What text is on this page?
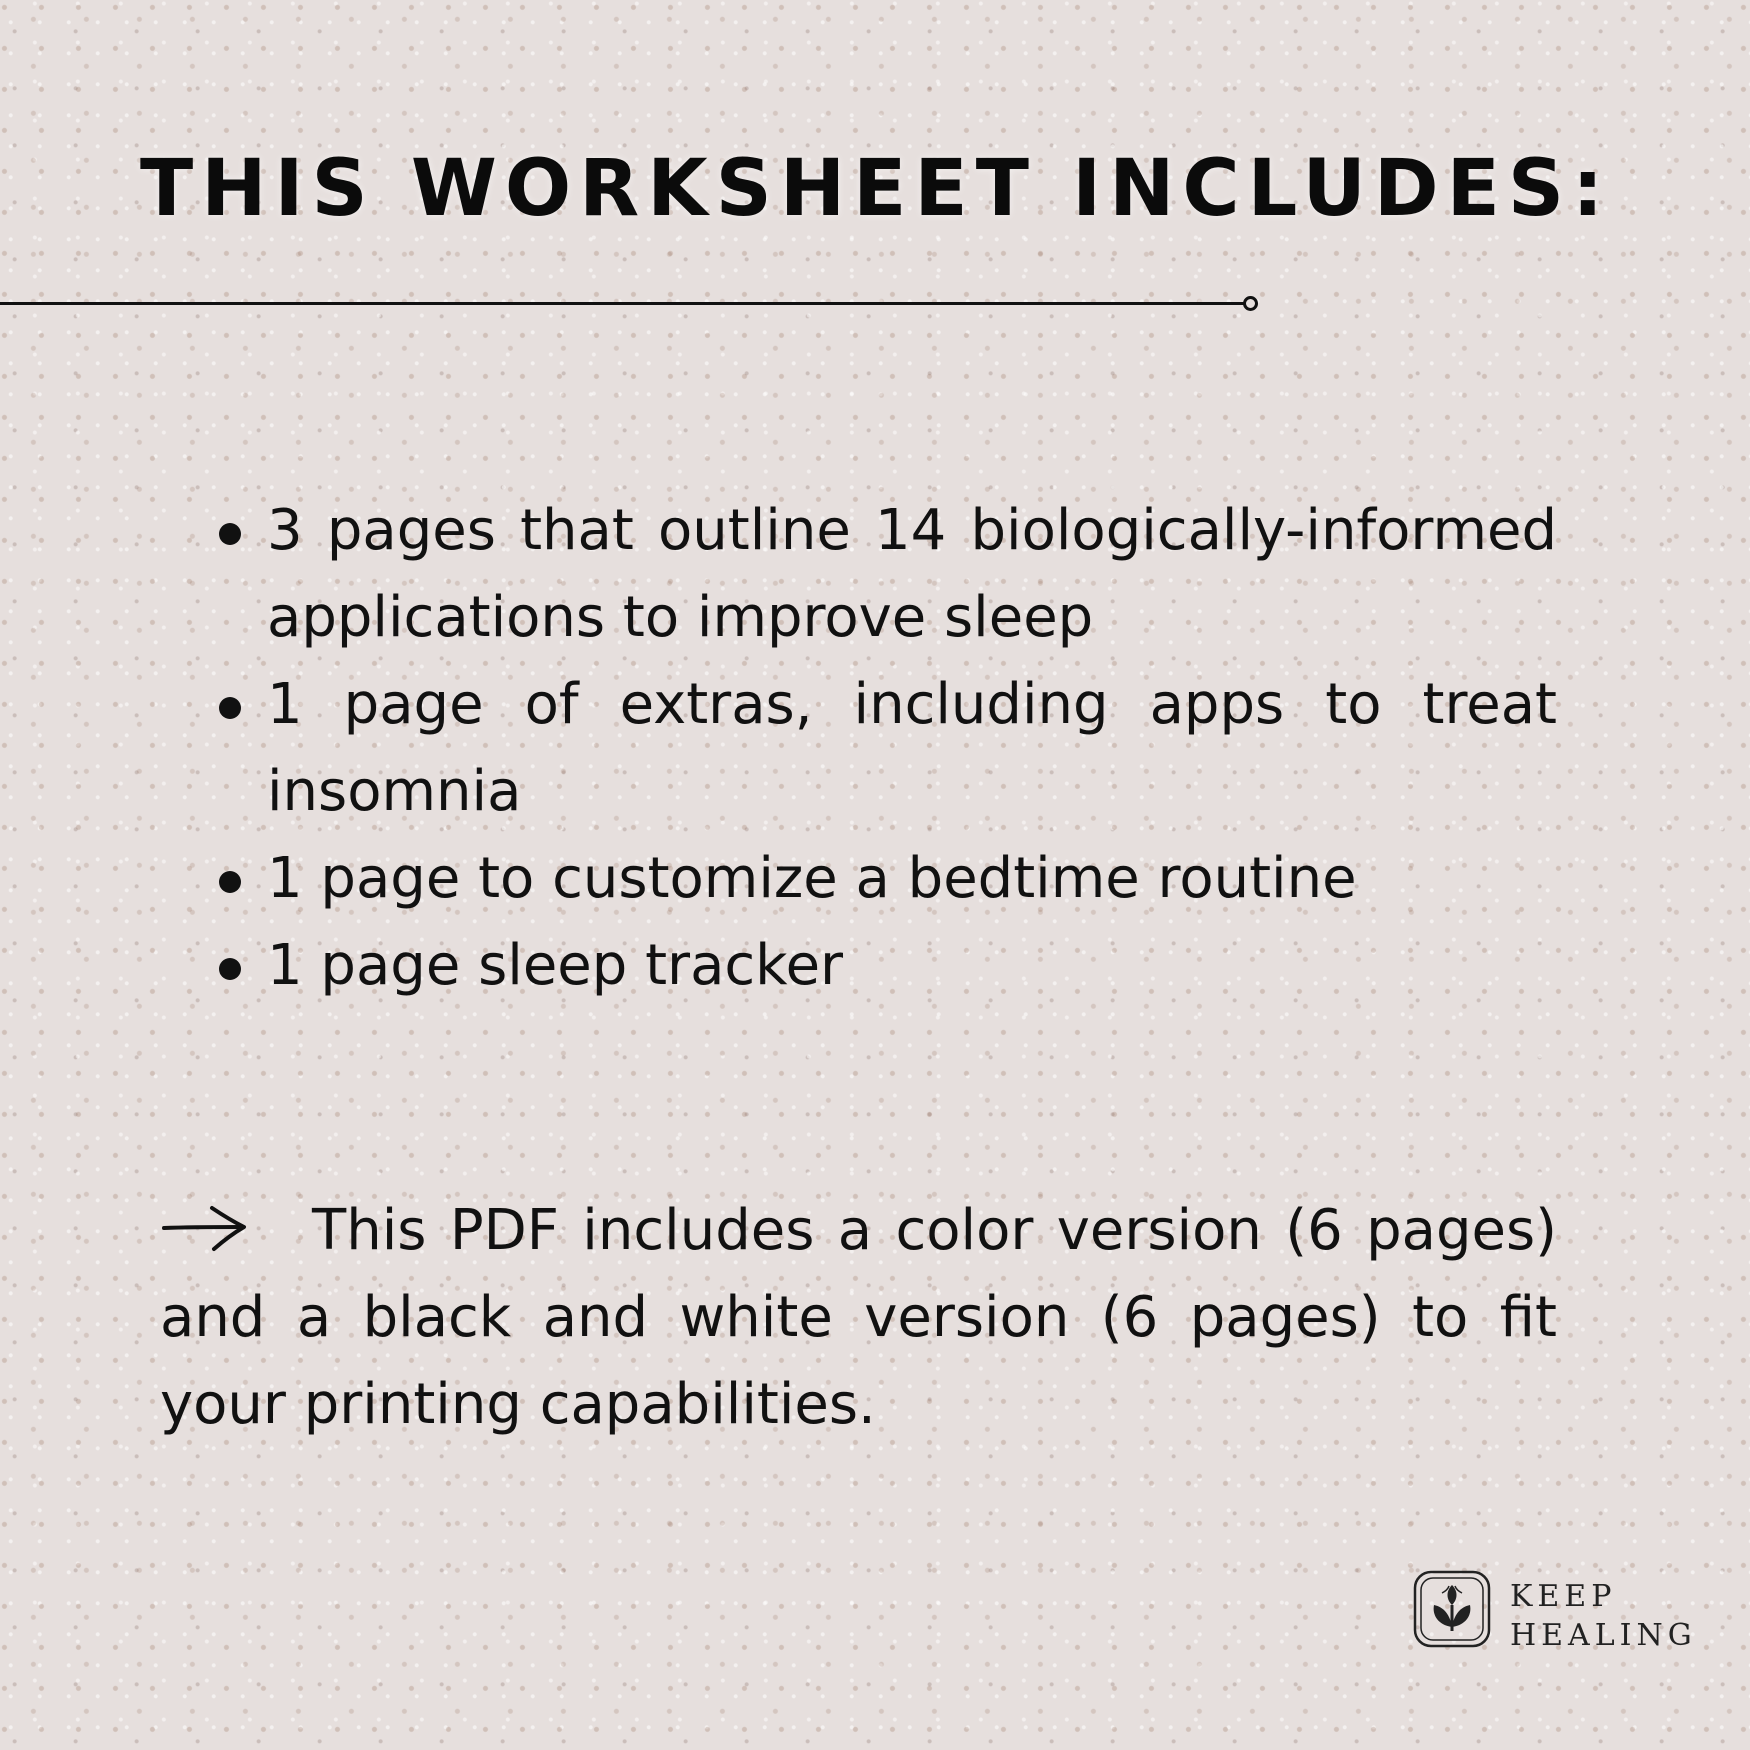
THIS WORKSHEET INCLUDES:
3 pages that outline 14 biologically-informed applications to improve sleep
1 page of extras, including apps to treat insomnia
1 page to customize a bedtime routine
1 page sleep tracker
This PDF includes a color version (6 pages) and a black and white version (6 pages) to fit your printing capabilities.
KEEP
HEALING
